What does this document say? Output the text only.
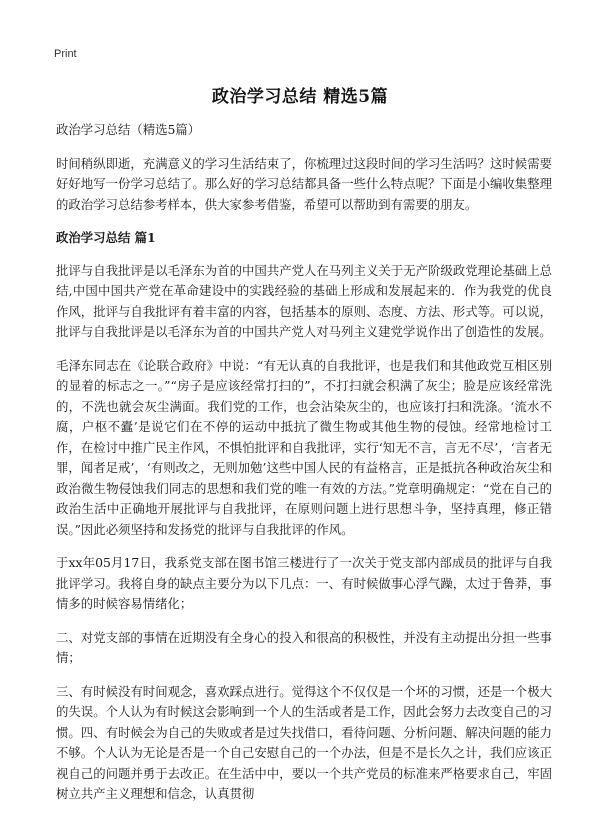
Print
政治学习总结 精选5篇

政治学习总结（精选5篇）

时间稍纵即逝，充满意义的学习生活结束了，你梳理过这段时间的学习生活吗？这时候需要好好地写一份学习总结了。那么好的学习总结都具备一些什么特点呢？下面是小编收集整理的政治学习总结参考样本，供大家参考借鉴，希望可以帮助到有需要的朋友。

政治学习总结 篇1

批评与自我批评是以毛泽东为首的中国共产党人在马列主义关于无产阶级政党理论基础上总结,中国中国共产党在革命建设中的实践经验的基础上形成和发展起来的．作为我党的优良作风，批评与自我批评有着丰富的内容，包括基本的原则、态度、方法、形式等。可以说，批评与自我批评是以毛泽东为首的中国共产党人对马列主义建党学说作出了创造性的发展。

毛泽东同志在《论联合政府》中说：“有无认真的自我批评，也是我们和其他政党互相区别的显着的标志之一。”“房子是应该经常打扫的”，不打扫就会积满了灰尘；脸是应该经常洗的，不洗也就会灰尘满面。我们党的工作，也会沾染灰尘的，也应该打扫和洗涤。‘流水不腐，户枢不蠹’是说它们在不停的运动中抵抗了微生物或其他生物的侵蚀。经常地检讨工作，在检讨中推广民主作风，不惧怕批评和自我批评，实行‘知无不言，言无不尽’，‘言者无罪，闻者足戒’，‘有则改之，无则加勉’这些中国人民的有益格言，正是抵抗各种政治灰尘和政治微生物侵蚀我们同志的思想和我们党的唯一有效的方法。”党章明确规定：“党在自己的政治生活中正确地开展批评与自我批评，在原则问题上进行思想斗争，坚持真理，修正错误。”因此必须坚持和发扬党的批评与自我批评的作风。

于xx年05月17日，我系党支部在图书馆三楼进行了一次关于党支部内部成员的批评与自我批评学习。我将自身的缺点主要分为以下几点：一、有时候做事心浮气躁，太过于鲁莽，事情多的时候容易情绪化；

二、对党支部的事情在近期没有全身心的投入和很高的积极性，并没有主动提出分担一些事情；

三、有时候没有时间观念，喜欢踩点进行。觉得这个不仅仅是一个坏的习惯，还是一个极大的失误。个人认为有时候这会影响到一个人的生活或者是工作，因此会努力去改变自己的习惯。四、有时候会为自己的失败或者是过失找借口，看待问题、分析问题、解决问题的能力不够。个人认为无论是否是一个自己安慰自己的一个办法，但是不是长久之计，我们应该正视自己的问题并勇于去改正。在生活中中，要以一个共产党员的标准来严格要求自己，牢固树立共产主义理想和信念，认真贯彻
